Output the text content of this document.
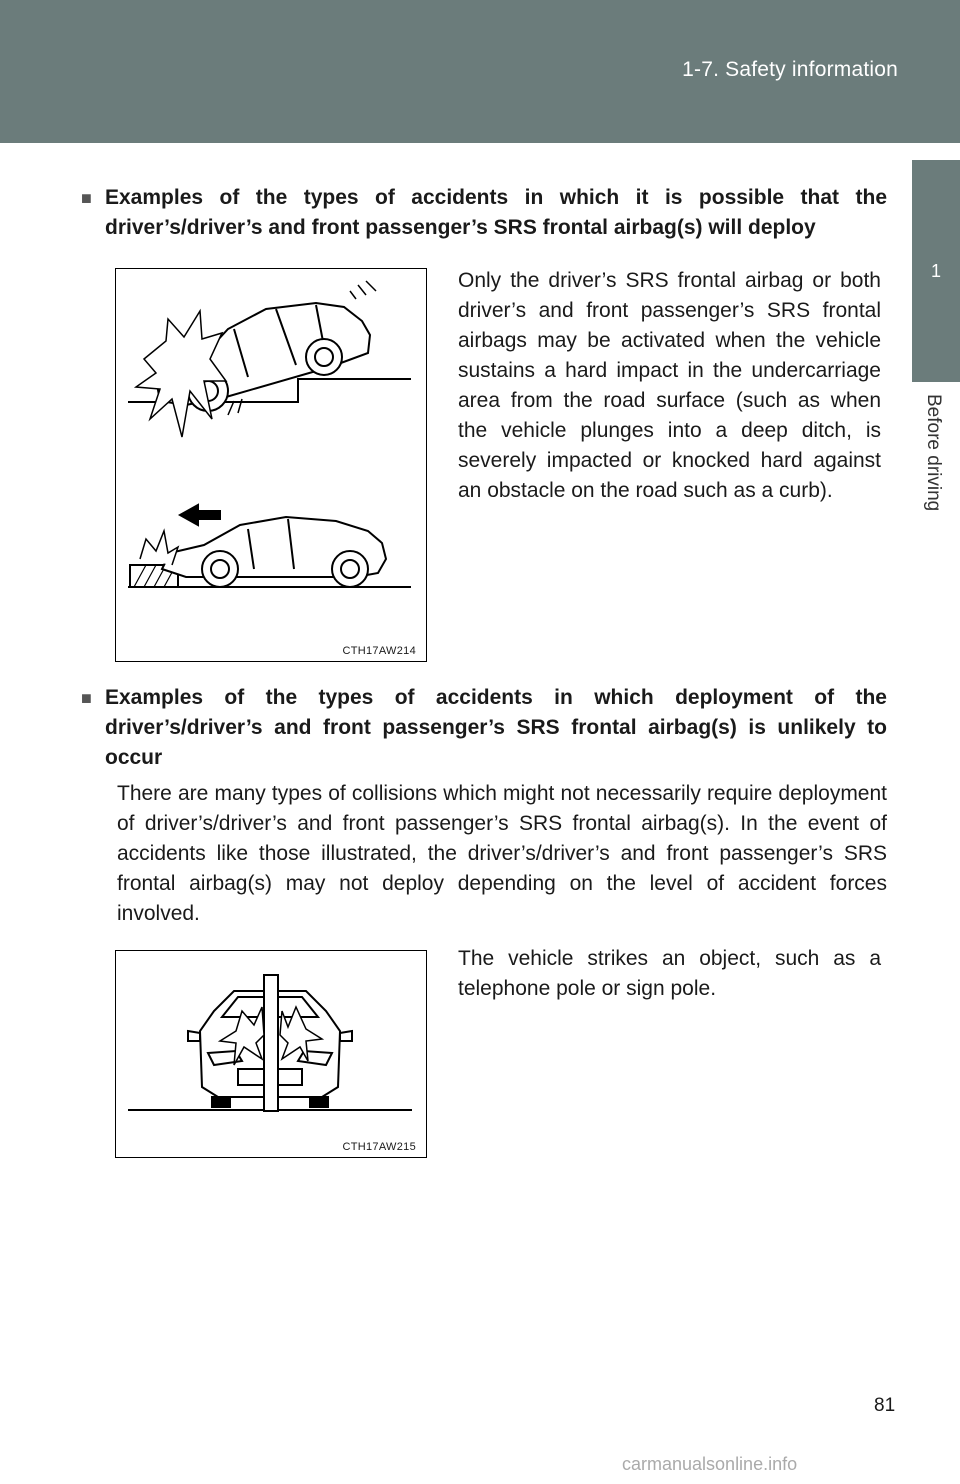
1-7. Safety information
1
Before driving
■ Examples of the types of accidents in which it is possible that the driver’s/driver’s and front passenger’s SRS frontal airbag(s) will deploy
CTH17AW214
Only the driver’s SRS frontal airbag or both driver’s and front passenger’s SRS frontal airbags may be activated when the vehicle sustains a hard impact in the undercarriage area from the road surface (such as when the vehicle plunges into a deep ditch, is severely impacted or knocked hard against an obstacle on the road such as a curb).
■ Examples of the types of accidents in which deployment of the driver’s/driver’s and front passenger’s SRS frontal airbag(s) is unlikely to occur
There are many types of collisions which might not necessarily require deployment of driver’s/driver’s and front passenger’s SRS frontal airbag(s). In the event of accidents like those illustrated, the driver’s/driver’s and front passenger’s SRS frontal airbag(s) may not deploy depending on the level of accident forces involved.
CTH17AW215
The vehicle strikes an object, such as a telephone pole or sign pole.
81
carmanualsonline.info
